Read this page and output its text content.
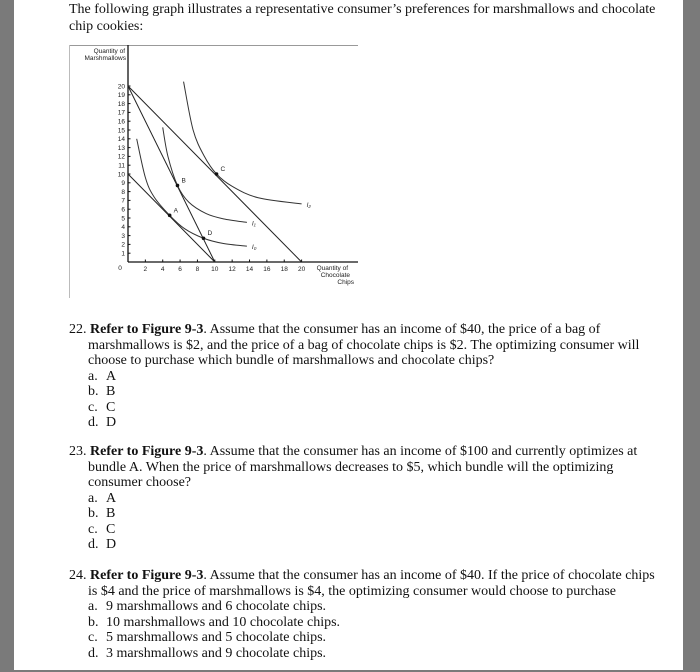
The following graph illustrates a representative consumer’s preferences for marshmallows and chocolate
chip cookies:
Quantity of
Marshmallows
Quantity of
Chocolate
Chips
0	2 4 6 8 10 12 14 16 18 20
1
2
3
4
5
6
7
8
9
10
11
12
13
14
15
16
17
18
19
20
I₀
I₁
I₂
A
B
C
D
22. Refer to Figure 9-3. Assume that the consumer has an income of $40, the price of a bag of
marshmallows is $2, and the price of a bag of chocolate chips is $2. The optimizing consumer will
choose to purchase which bundle of marshmallows and chocolate chips?
a. A
b. B
c. C
d. D
23. Refer to Figure 9-3. Assume that the consumer has an income of $100 and currently optimizes at
bundle A. When the price of marshmallows decreases to $5, which bundle will the optimizing
consumer choose?
a. A
b. B
c. C
d. D
24. Refer to Figure 9-3. Assume that the consumer has an income of $40. If the price of chocolate chips
is $4 and the price of marshmallows is $4, the optimizing consumer would choose to purchase
a. 9 marshmallows and 6 chocolate chips.
b. 10 marshmallows and 10 chocolate chips.
c. 5 marshmallows and 5 chocolate chips.
d. 3 marshmallows and 9 chocolate chips.
